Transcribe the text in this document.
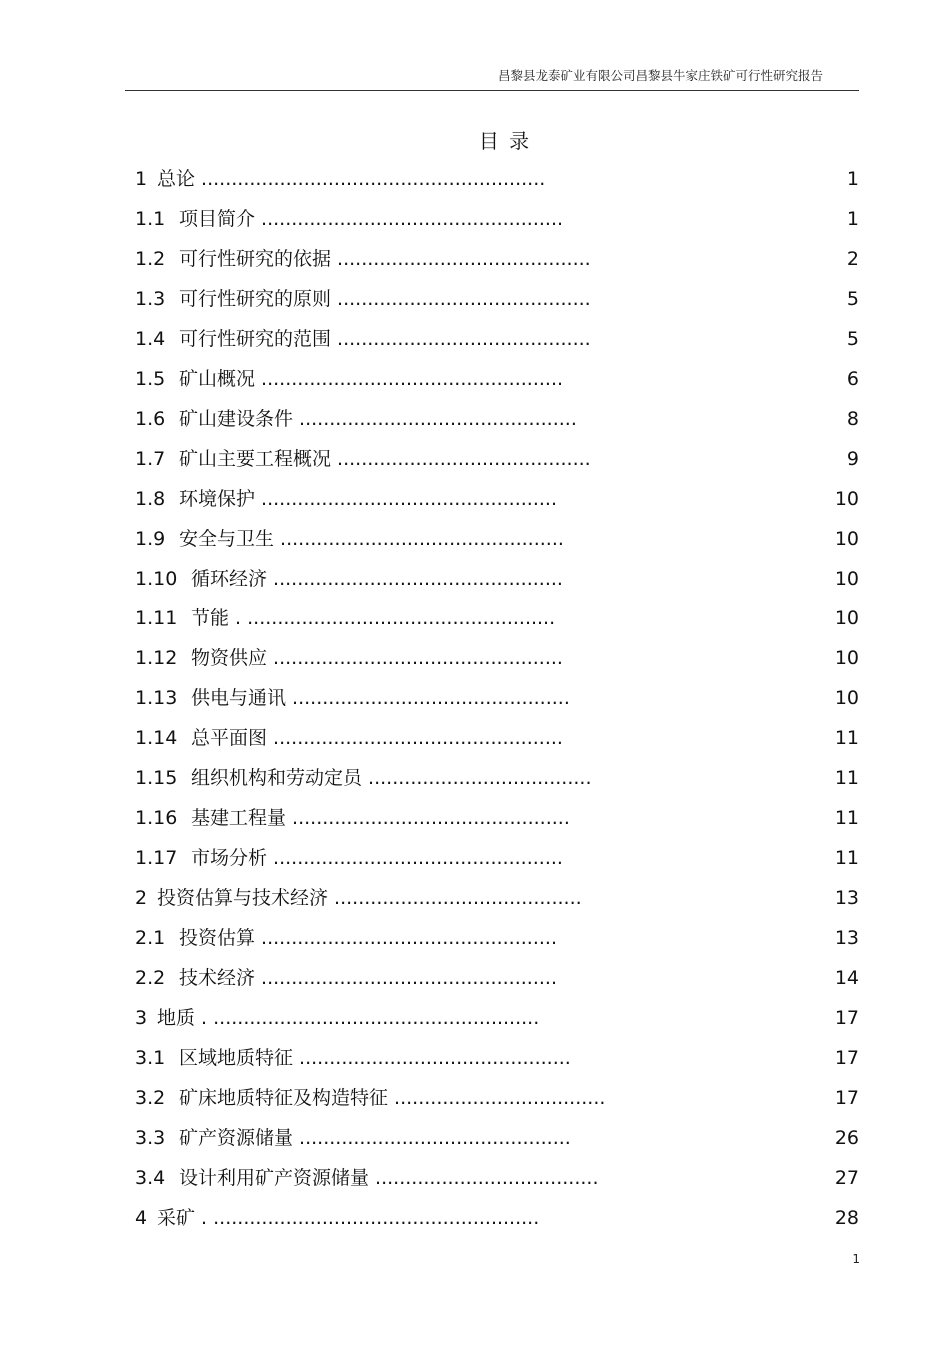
昌黎县龙泰矿业有限公司昌黎县牛家庄铁矿可行性研究报告
目 录
1 总论 .........................................................	1
1.1 项目简介 ..................................................	1
1.2 可行性研究的依据 ..........................................	2
1.3 可行性研究的原则 ..........................................	5
1.4 可行性研究的范围 ..........................................	5
1.5 矿山概况 ..................................................	6
1.6 矿山建设条件 ..............................................	8
1.7 矿山主要工程概况 ..........................................	9
1.8 环境保护 .................................................	10
1.9 安全与卫生 ...............................................	10
1.10 循环经济 ................................................	10
1.11 节能 . ...................................................	10
1.12 物资供应 ................................................	10
1.13 供电与通讯 ..............................................	10
1.14 总平面图 ................................................	11
1.15 组织机构和劳动定员 .....................................	11
1.16 基建工程量 ..............................................	11
1.17 市场分析 ................................................	11
2 投资估算与技术经济 .........................................	13
2.1 投资估算 .................................................	13
2.2 技术经济 .................................................	14
3 地质 . ......................................................	17
3.1 区域地质特征 .............................................	17
3.2 矿床地质特征及构造特征 ...................................	17
3.3 矿产资源储量 .............................................	26
3.4 设计利用矿产资源储量 .....................................	27
4 采矿 . ......................................................	28
1
